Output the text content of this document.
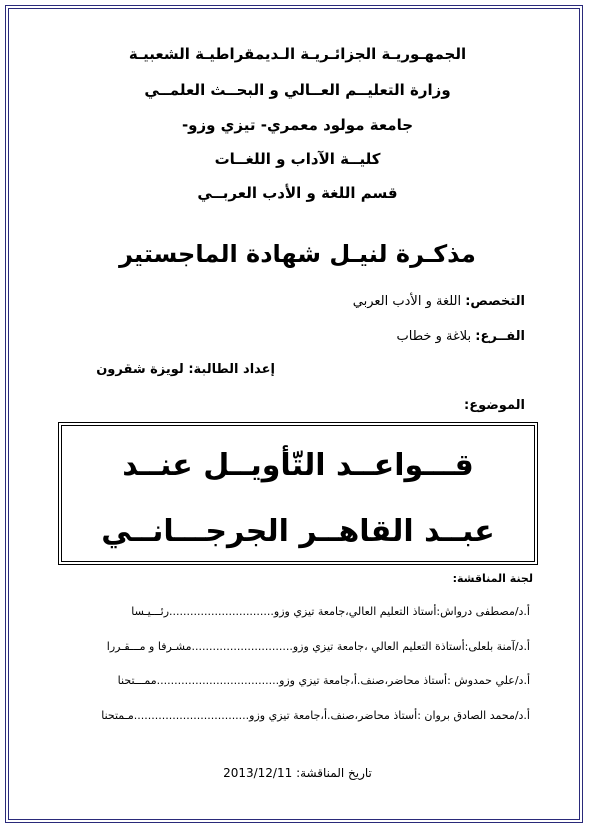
الجمهـوريـة الجزائـريـة الـديمقراطيـة الشعبيـة
وزارة التعليــم العــالي و البحــث العلمــي
جامعة مولود معمري- تيزي وزو-
كليــة الآداب و اللغــات
قسم اللغة و الأدب العربــي
مذكـرة لنيـل شهادة الماجستير
التخصص: اللغة و الأدب العربي
الفــرع: بلاغة و خطاب
إعداد الطالبة: لويزة شقرون
الموضوع:
قـــواعــد التّأويــل عنــد
عبــد القاهــر الجرجـــانــي
لجنة المناقشة:
أ.د/مصطفى درواش:أستاذ التعليم العالي،جامعة تيزي وزو..............................رئـــيـسا
أ.د/آمنة بلعلى:أستاذة التعليم العالي ،جامعة تيزي وزو.............................مشـرفا و مـــقـررا
أ.د/علي حمدوش :أستاذ محاضر،صنف.أ،جامعة تيزي وزو...................................ممـــتحنا
أ.د/محمد الصادق بروان :أستاذ محاضر،صنف.أ،جامعة تيزي وزو.................................مـمتحنا
تاريخ المناقشة: 2013/12/11
